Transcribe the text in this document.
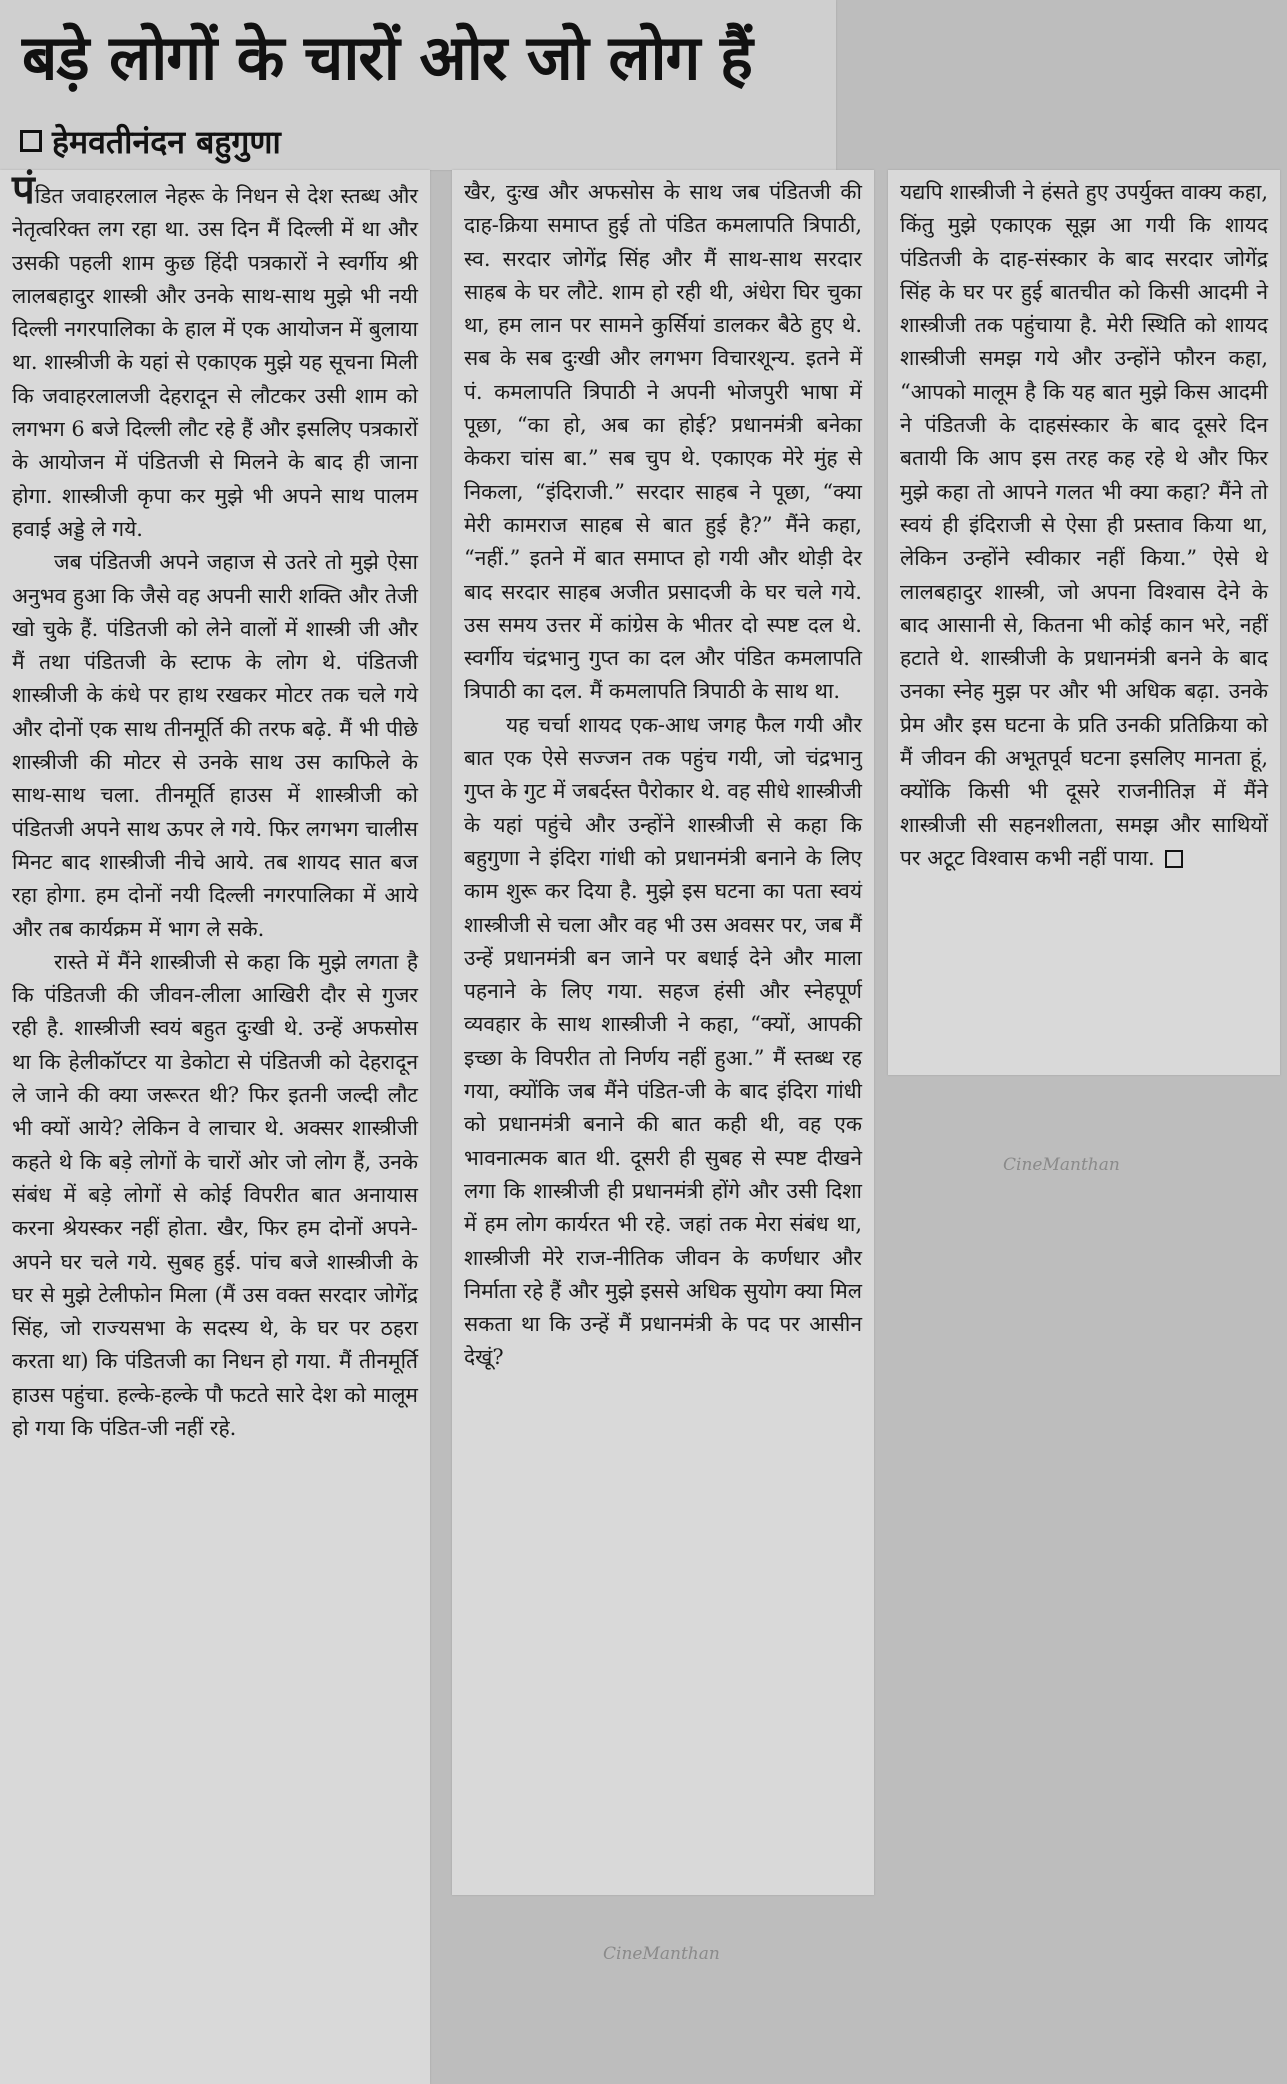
बड़े लोगों के चारों ओर जो लोग हैं
हेमवतीनंदन बहुगुणा

पंडित जवाहरलाल नेहरू के निधन से देश स्तब्ध और नेतृत्वरिक्त लग रहा था. उस दिन मैं दिल्ली में था और उसकी पहली शाम कुछ हिंदी पत्रकारों ने स्वर्गीय श्री लालबहादुर शास्त्री और उनके साथ-साथ मुझे भी नयी दिल्ली नगरपालिका के हाल में एक आयोजन में बुलाया था. शास्त्रीजी के यहां से एकाएक मुझे यह सूचना मिली कि जवाहरलालजी देहरादून से लौटकर उसी शाम को लगभग 6 बजे दिल्ली लौट रहे हैं और इसलिए पत्रकारों के आयोजन में पंडितजी से मिलने के बाद ही जाना होगा. शास्त्रीजी कृपा कर मुझे भी अपने साथ पालम हवाई अड्डे ले गये.

जब पंडितजी अपने जहाज से उतरे तो मुझे ऐसा अनुभव हुआ कि जैसे वह अपनी सारी शक्ति और तेजी खो चुके हैं. पंडितजी को लेने वालों में शास्त्री जी और मैं तथा पंडितजी के स्टाफ के लोग थे. पंडितजी शास्त्रीजी के कंधे पर हाथ रखकर मोटर तक चले गये और दोनों एक साथ तीनमूर्ति की तरफ बढ़े. मैं भी पीछे शास्त्रीजी की मोटर से उनके साथ उस काफिले के साथ-साथ चला. तीनमूर्ति हाउस में शास्त्रीजी को पंडितजी अपने साथ ऊपर ले गये. फिर लगभग चालीस मिनट बाद शास्त्रीजी नीचे आये. तब शायद सात बज रहा होगा. हम दोनों नयी दिल्ली नगरपालिका में आये और तब कार्यक्रम में भाग ले सके.

रास्ते में मैंने शास्त्रीजी से कहा कि मुझे लगता है कि पंडितजी की जीवन-लीला आखिरी दौर से गुजर रही है. शास्त्रीजी स्वयं बहुत दुःखी थे. उन्हें अफसोस था कि हेलीकॉप्टर या डेकोटा से पंडितजी को देहरादून ले जाने की क्या जरूरत थी? फिर इतनी जल्दी लौट भी क्यों आये? लेकिन वे लाचार थे. अक्सर शास्त्रीजी कहते थे कि बड़े लोगों के चारों ओर जो लोग हैं, उनके संबंध में बड़े लोगों से कोई विपरीत बात अनायास करना श्रेयस्कर नहीं होता. खैर, फिर हम दोनों अपने-अपने घर चले गये. सुबह हुई. पांच बजे शास्त्रीजी के घर से मुझे टेलीफोन मिला (मैं उस वक्त सरदार जोगेंद्र सिंह, जो राज्यसभा के सदस्य थे, के घर पर ठहरा करता था) कि पंडितजी का निधन हो गया. मैं तीनमूर्ति हाउस पहुंचा. हल्के-हल्के पौ फटते सारे देश को मालूम हो गया कि पंडित-जी नहीं रहे.

खैर, दुःख और अफसोस के साथ जब पंडितजी की दाह-क्रिया समाप्त हुई तो पंडित कमलापति त्रिपाठी, स्व. सरदार जोगेंद्र सिंह और मैं साथ-साथ सरदार साहब के घर लौटे. शाम हो रही थी, अंधेरा घिर चुका था, हम लान पर सामने कुर्सियां डालकर बैठे हुए थे. सब के सब दुःखी और लगभग विचारशून्य. इतने में पं. कमलापति त्रिपाठी ने अपनी भोजपुरी भाषा में पूछा, “का हो, अब का होई? प्रधानमंत्री बनेका केकरा चांस बा.” सब चुप थे. एकाएक मेरे मुंह से निकला, “इंदिराजी.” सरदार साहब ने पूछा, “क्या मेरी कामराज साहब से बात हुई है?” मैंने कहा, “नहीं.” इतने में बात समाप्त हो गयी और थोड़ी देर बाद सरदार साहब अजीत प्रसादजी के घर चले गये. उस समय उत्तर में कांग्रेस के भीतर दो स्पष्ट दल थे. स्वर्गीय चंद्रभानु गुप्त का दल और पंडित कमलापति त्रिपाठी का दल. मैं कमलापति त्रिपाठी के साथ था.

यह चर्चा शायद एक-आध जगह फैल गयी और बात एक ऐसे सज्जन तक पहुंच गयी, जो चंद्रभानु गुप्त के गुट में जबर्दस्त पैरोकार थे. वह सीधे शास्त्रीजी के यहां पहुंचे और उन्होंने शास्त्रीजी से कहा कि बहुगुणा ने इंदिरा गांधी को प्रधानमंत्री बनाने के लिए काम शुरू कर दिया है. मुझे इस घटना का पता स्वयं शास्त्रीजी से चला और वह भी उस अवसर पर, जब मैं उन्हें प्रधानमंत्री बन जाने पर बधाई देने और माला पहनाने के लिए गया. सहज हंसी और स्नेहपूर्ण व्यवहार के साथ शास्त्रीजी ने कहा, “क्यों, आपकी इच्छा के विपरीत तो निर्णय नहीं हुआ.” मैं स्तब्ध रह गया, क्योंकि जब मैंने पंडित-जी के बाद इंदिरा गांधी को प्रधानमंत्री बनाने की बात कही थी, वह एक भावनात्मक बात थी. दूसरी ही सुबह से स्पष्ट दीखने लगा कि शास्त्रीजी ही प्रधानमंत्री होंगे और उसी दिशा में हम लोग कार्यरत भी रहे. जहां तक मेरा संबंध था, शास्त्रीजी मेरे राज-नीतिक जीवन के कर्णधार और निर्माता रहे हैं और मुझे इससे अधिक सुयोग क्या मिल सकता था कि उन्हें मैं प्रधानमंत्री के पद पर आसीन देखूं?

यद्यपि शास्त्रीजी ने हंसते हुए उपर्युक्त वाक्य कहा, किंतु मुझे एकाएक सूझ आ गयी कि शायद पंडितजी के दाह-संस्कार के बाद सरदार जोगेंद्र सिंह के घर पर हुई बातचीत को किसी आदमी ने शास्त्रीजी तक पहुंचाया है. मेरी स्थिति को शायद शास्त्रीजी समझ गये और उन्होंने फौरन कहा, “आपको मालूम है कि यह बात मुझे किस आदमी ने पंडितजी के दाहसंस्कार के बाद दूसरे दिन बतायी कि आप इस तरह कह रहे थे और फिर मुझे कहा तो आपने गलत भी क्या कहा? मैंने तो स्वयं ही इंदिराजी से ऐसा ही प्रस्ताव किया था, लेकिन उन्होंने स्वीकार नहीं किया.” ऐसे थे लालबहादुर शास्त्री, जो अपना विश्वास देने के बाद आसानी से, कितना भी कोई कान भरे, नहीं हटाते थे. शास्त्रीजी के प्रधानमंत्री बनने के बाद उनका स्नेह मुझ पर और भी अधिक बढ़ा. उनके प्रेम और इस घटना के प्रति उनकी प्रतिक्रिया को मैं जीवन की अभूतपूर्व घटना इसलिए मानता हूं, क्योंकि किसी भी दूसरे राजनीतिज्ञ में मैंने शास्त्रीजी सी सहनशीलता, समझ और साथियों पर अटूट विश्वास कभी नहीं पाया.

CineManthan
CineManthan
